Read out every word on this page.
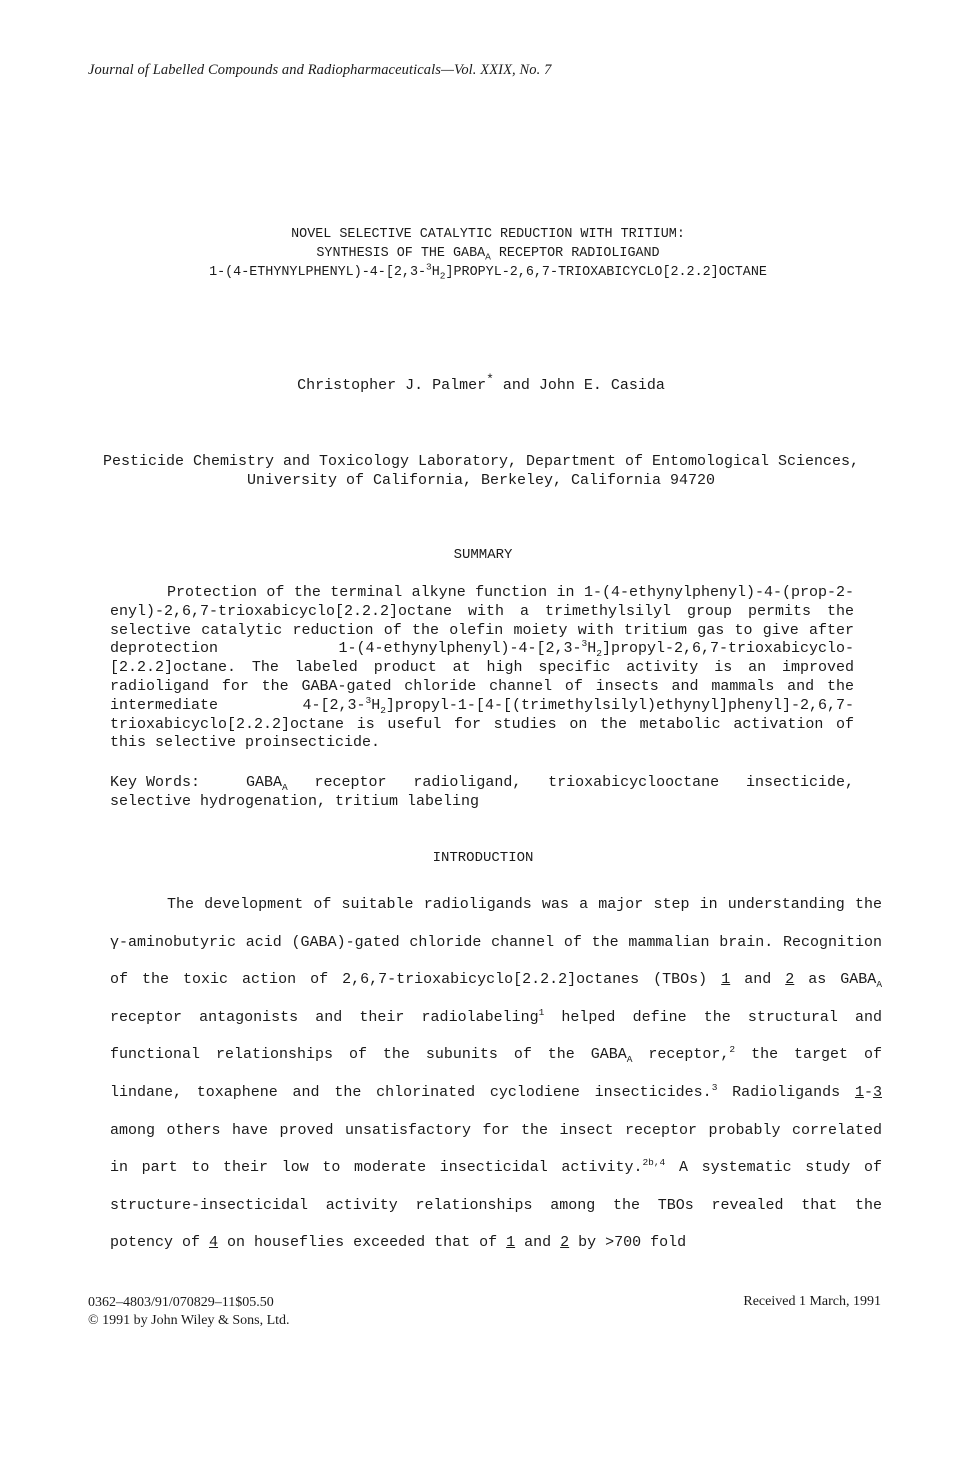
Journal of Labelled Compounds and Radiopharmaceuticals—Vol. XXIX, No. 7
NOVEL SELECTIVE CATALYTIC REDUCTION WITH TRITIUM:
SYNTHESIS OF THE $GABA_A$ RECEPTOR RADIOLIGAND
$1-(4-ETHYNYLPHENYL)-4-[2,3-^3H_2]PROPYL-2,6,7-TRIOXABICYCLO[2.2.2]OCTANE$
Christopher J. Palmer* and John E. Casida
Pesticide Chemistry and Toxicology Laboratory, Department of Entomological Sciences,
University of California, Berkeley, California 94720
SUMMARY

Protection of the terminal alkyne function in 1-(4-ethynylphenyl)-4-(prop-2-enyl)-2,6,7-trioxabicyclo[2.2.2]octane with a trimethylsilyl group permits the selective catalytic reduction of the olefin moiety with tritium gas to give after deprotection $1-(4-ethynylphenyl)-4-[2,3-^3H_2]propyl-2,6,7-trioxabicyclo-[2.2.2]octane$. The labeled product at high specific activity is an improved radioligand for the GABA-gated chloride channel of insects and mammals and the intermediate $4-[2,3-^3H_2]propyl-1-[4-[(trimethylsilyl)ethynyl]phenyl]-2,6,7-trioxabicyclo[2.2.2]octane$ is useful for studies on the metabolic activation of this selective proinsecticide.

Key Words:	$GABA_A$ receptor radioligand, trioxabicyclooctane insecticide, selective hydrogenation, tritium labeling
INTRODUCTION

The development of suitable radioligands was a major step in understanding the γ-aminobutyric acid (GABA)-gated chloride channel of the mammalian brain. Recognition of the toxic action of 2,6,7-trioxabicyclo[2.2.2]octanes (TBOs) 1 and 2 as $GABA_A$ receptor antagonists and their radiolabeling$^1$ helped define the structural and functional relationships of the subunits of the $GABA_A$ receptor,$^2$ the target of lindane, toxaphene and the chlorinated cyclodiene insecticides.$^3$ Radioligands 1-3 among others have proved unsatisfactory for the insect receptor probably correlated in part to their low to moderate insecticidal activity.$^{2b,4}$ A systematic study of structure-insecticidal activity relationships among the TBOs revealed that the potency of 4 on houseflies exceeded that of 1 and 2 by >700 fold

0362–4803/91/070829–11$05.50
© 1991 by John Wiley & Sons, Ltd.
Received 1 March, 1991
